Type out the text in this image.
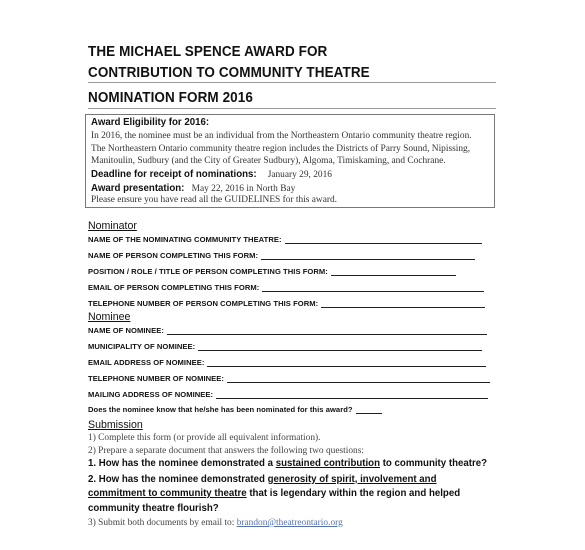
THE MICHAEL SPENCE AWARD FOR
CONTRIBUTION TO COMMUNITY THEATRE
NOMINATION FORM 2016
Award Eligibility for 2016:
In 2016, the nominee must be an individual from the Northeastern Ontario community theatre region.
The Northeastern Ontario community theatre region includes the Districts of Parry Sound, Nipissing,
Manitoulin, Sudbury (and the City of Greater Sudbury), Algoma, Timiskaming, and Cochrane.
Deadline for receipt of nominations: January 29, 2016
Award presentation: May 22, 2016 in North Bay
Please ensure you have read all the GUIDELINES for this award.
Nominator
NAME OF THE NOMINATING COMMUNITY THEATRE:
NAME OF PERSON COMPLETING THIS FORM:
POSITION / ROLE / TITLE OF PERSON COMPLETING THIS FORM:
EMAIL OF PERSON COMPLETING THIS FORM:
TELEPHONE NUMBER OF PERSON COMPLETING THIS FORM:
Nominee
NAME OF NOMINEE:
MUNICIPALITY OF NOMINEE:
EMAIL ADDRESS OF NOMINEE:
TELEPHONE NUMBER OF NOMINEE:
MAILING ADDRESS OF NOMINEE:
Does the nominee know that he/she has been nominated for this award?
Submission
1) Complete this form (or provide all equivalent information).
2) Prepare a separate document that answers the following two questions:
1. How has the nominee demonstrated a sustained contribution to community theatre?
2. How has the nominee demonstrated generosity of spirit, involvement and
commitment to community theatre that is legendary within the region and helped
community theatre flourish?
3) Submit both documents by email to: brandon@theatreontario.org
